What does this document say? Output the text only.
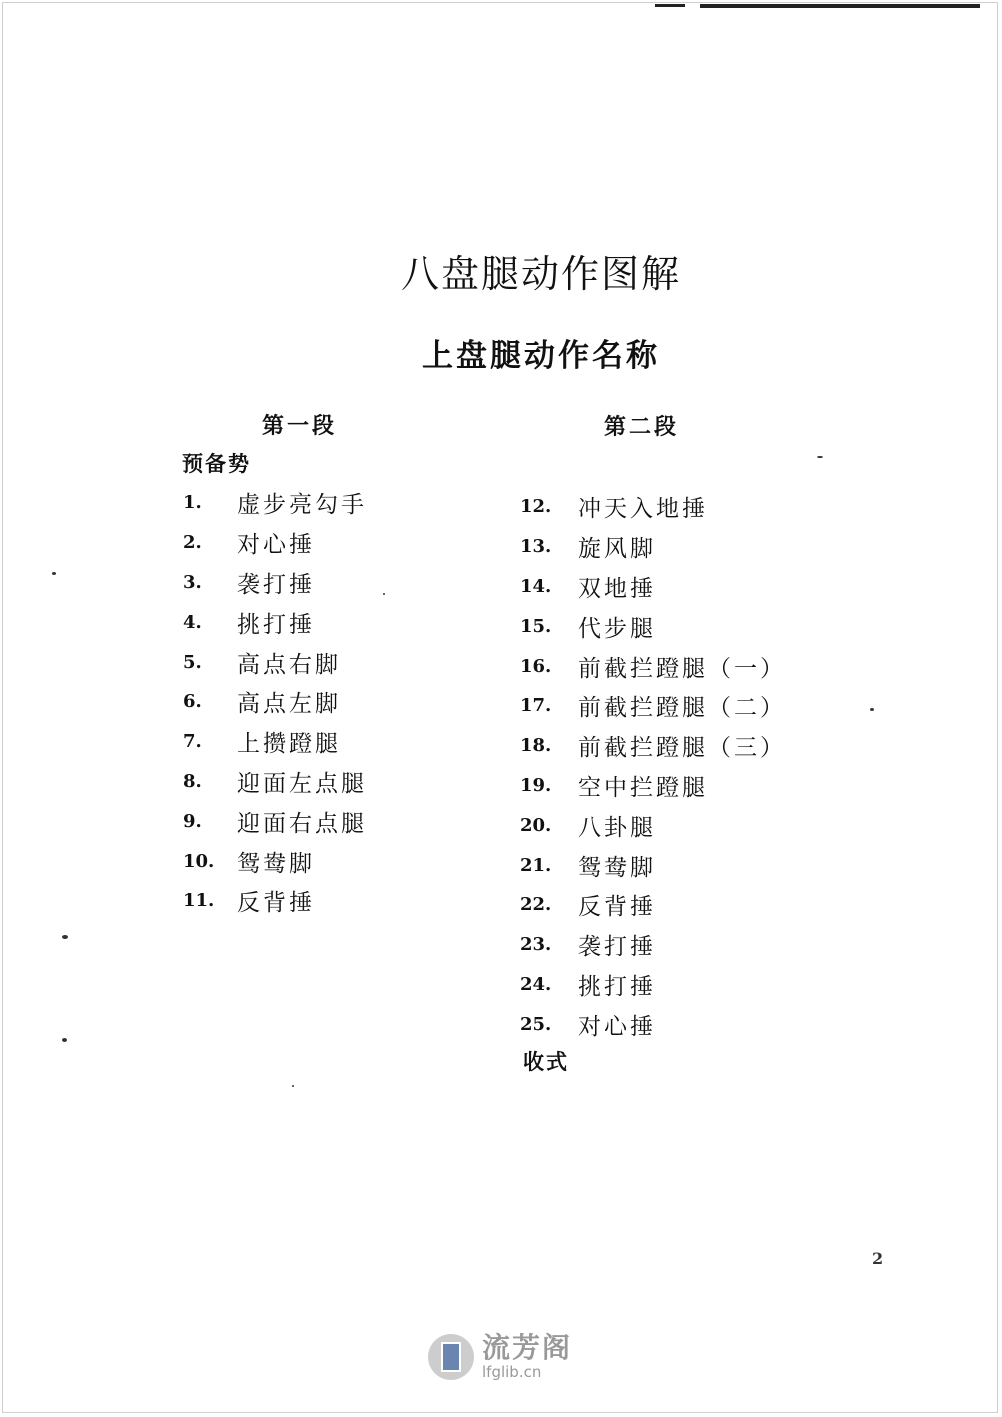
八盘腿动作图解
上盘腿动作名称
第一段	第二段
预备势
1.	虚步亮勾手
2.	对心捶
3.	袭打捶
4.	挑打捶
5.	高点右脚
6.	高点左脚
7.	上攒蹬腿
8.	迎面左点腿
9.	迎面右点腿
10. 鸳鸯脚
11. 反背捶
12.	冲天入地捶
13.	旋风脚
14.	双地捶
15.	代步腿
16.	前截拦蹬腿（一）
17.	前截拦蹬腿（二）
18.	前截拦蹬腿（三）
19.	空中拦蹬腿
20.	八卦腿
21.	鸳鸯脚
22.	反背捶
23.	袭打捶
24.	挑打捶
25.	对心捶
收式
2
流芳阁
lfglib.cn
